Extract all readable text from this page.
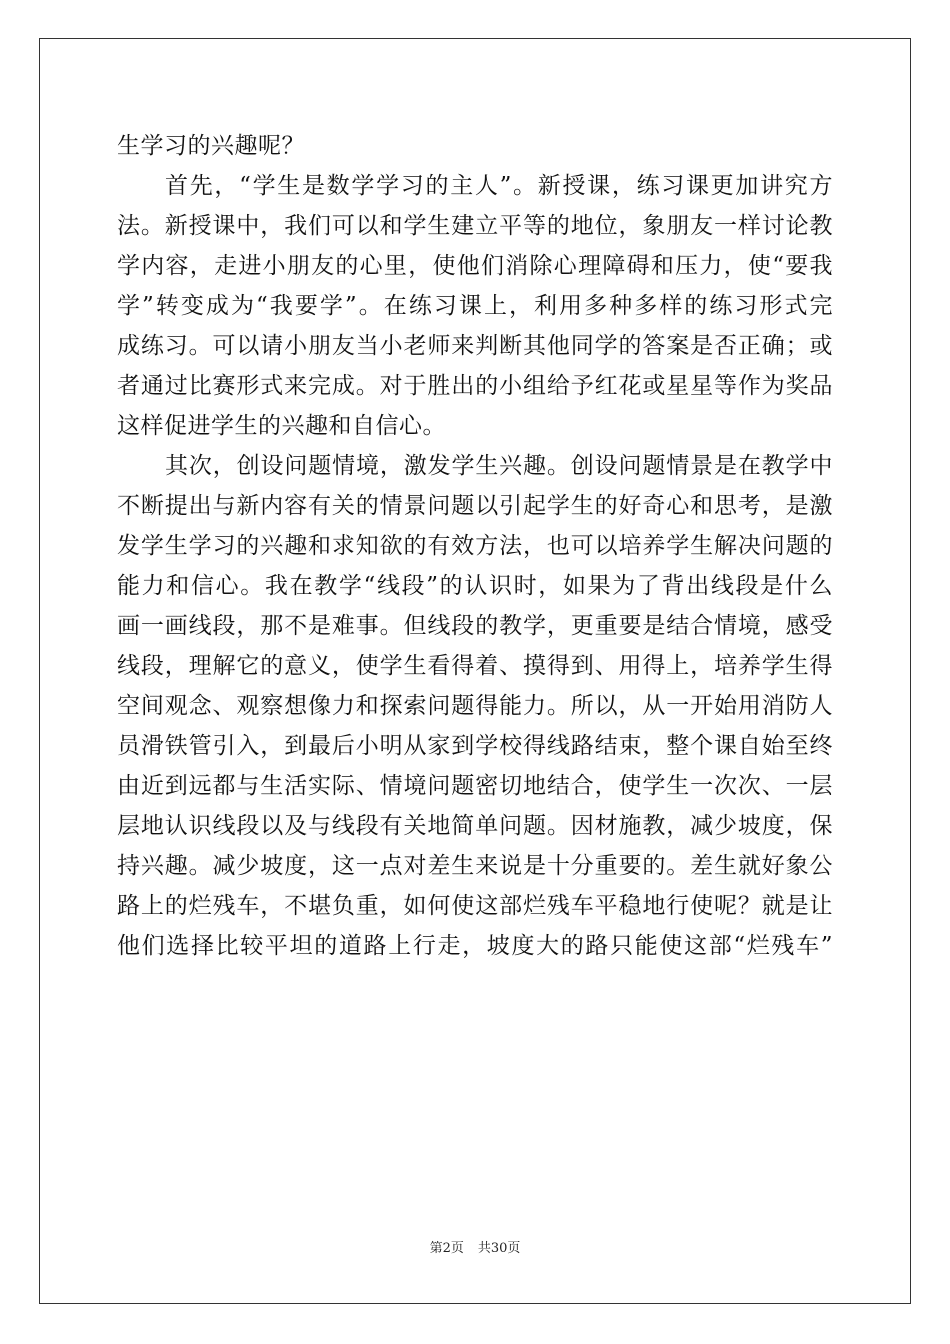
生学习的兴趣呢？
首先，“学生是数学学习的主人”。新授课，练习课更加讲究方
法。新授课中，我们可以和学生建立平等的地位，象朋友一样讨论教
学内容，走进小朋友的心里，使他们消除心理障碍和压力，使“要我
学”转变成为“我要学”。在练习课上，利用多种多样的练习形式完
成练习。可以请小朋友当小老师来判断其他同学的答案是否正确；或
者通过比赛形式来完成。对于胜出的小组给予红花或星星等作为奖品
这样促进学生的兴趣和自信心。
其次，创设问题情境，激发学生兴趣。创设问题情景是在教学中
不断提出与新内容有关的情景问题以引起学生的好奇心和思考，是激
发学生学习的兴趣和求知欲的有效方法，也可以培养学生解决问题的
能力和信心。我在教学“线段”的认识时，如果为了背出线段是什么
画一画线段，那不是难事。但线段的教学，更重要是结合情境，感受
线段，理解它的意义，使学生看得着、摸得到、用得上，培养学生得
空间观念、观察想像力和探索问题得能力。所以，从一开始用消防人
员滑铁管引入，到最后小明从家到学校得线路结束，整个课自始至终
由近到远都与生活实际、情境问题密切地结合，使学生一次次、一层
层地认识线段以及与线段有关地简单问题。因材施教，减少坡度，保
持兴趣。减少坡度，这一点对差生来说是十分重要的。差生就好象公
路上的烂残车，不堪负重，如何使这部烂残车平稳地行使呢？就是让
他们选择比较平坦的道路上行走，坡度大的路只能使这部“烂残车”
第2页 共30页
